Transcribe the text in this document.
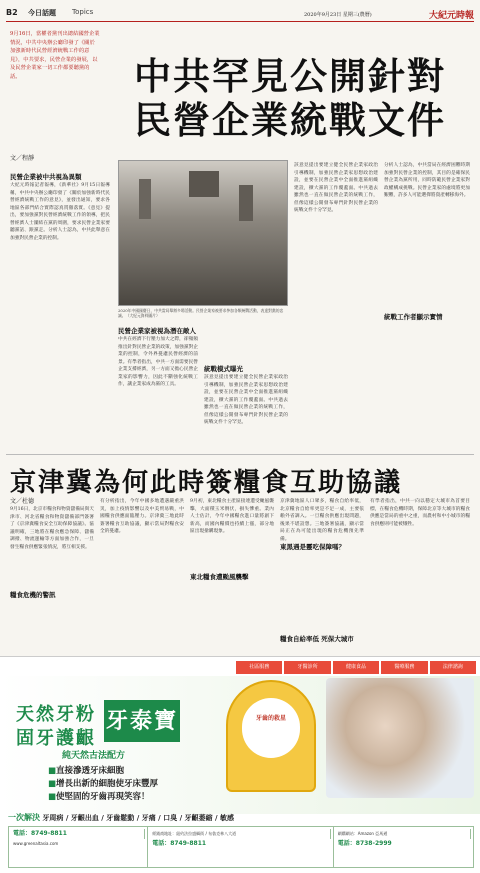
B2 今日話題 Topics	2020年9月23日 星期三(農曆)	大紀元時報
9月16日，當權者黨刊出總結國營企業情況，中共中央辦公廳印發了《關於加強新時代民營經濟統戰工作的意見》，中共要求，民營企業的發展，以及民營企業家一切工作都要聽黨的話。	中共罕見公開針對
民營企業統戰文件
文／程靜
民營企業被中共視為異類
大紀元時報記者報導，《新華社》9月15日報導稱，中共中央辦公廳印發了《關於加強新時代民營經濟統戰工作的意見》，並發出通知，要求各地區各部門結合實際認真貫徹落實。《意見》提出，要加強黨對民營經濟統戰工作的領導，把民營經濟人士團結在黨的周圍，要求民營企業家要聽黨話、跟黨走。分析人士認為，中共此舉意在加強對民營企業的控制。
2020年中國國慶日，中共當局舉辦多場活動。民營企業家被要求參加各類統戰活動，表達對黨的忠誠。（大紀元資料圖片）
民營企業家被視為潛在敵人
中共在經濟下行壓力加大之際，卻頻頻推出針對民營企業的政策，加強黨對企業的控制，令外界憂慮民營經濟的前景。有學者指出，中共一方面需要民營企業支撐經濟，另一方面又擔心民營企業家的影響力，因此不斷強化統戰工作，讓企業家成為黨的工具。
統戰模式曝光
該意見提出要建立健全民營企業家政治引導機制，加強民營企業家思想政治建設，並要在民營企業中全面推進黨組織建設，擴大黨的工作覆蓋面。中共過去雖然也一直在做民營企業的統戰工作，但像這樣公開發布專門針對民營企業的統戰文件十分罕見。
該意見提出要建立健全民營企業家政治引導機制，加強民營企業家思想政治建設，並要在民營企業中全面推進黨組織建設，擴大黨的工作覆蓋面。中共過去雖然也一直在做民營企業的統戰工作，但像這樣公開發布專門針對民營企業的統戰文件十分罕見。
統戰工作者顯示實情
分析人士認為，中共當局在經濟困難時期加強對民營企業的控制，其目的是確保民營企業為黨所用，同時防範民營企業家對政權構成挑戰。民營企業家的處境將更加艱難，許多人可能選擇將資產轉移海外。
京津冀為何此時簽糧食互助協議
文／杜德
9月16日，北京市糧食和物資儲備局與天津市、河北省糧食和物資儲備部門簽署了《京津冀糧食安全互助保障協議》。協議明確，三地將在糧食應急保障、儲備調撥、物流運輸等方面加強合作，一旦發生糧食供應緊張情況，將互相支援。
糧食危機的警訊
有分析指出，今年中國多地遭遇嚴重洪災，加上疫情影響以及中美貿易戰，中國糧食供應面臨壓力。京津冀三地此時簽署糧食互助協議，顯示當局對糧食安全的憂慮。
9月初，東北糧食主產區接連遭受颱風襲擊，大面積玉米倒伏，損失慘重。業內人士估計，今年中國糧食進口量將創下新高，而國內糧價也持續上漲，部分地區出現搶購現象。
東北糧食遭颱風襲擊
京津冀地區人口眾多，糧食自給率低，北京糧食自給率更是不足一成，主要依賴外省調入。一旦糧食供應出現問題，後果不堪設想。三地簽署協議，顯示當局正在為可能出現的糧食危機預先準備。
糧食自給率低 死保大城市
有學者指出，中共一向以穩定大城市為首要目標，在糧食危機時期，保障北京等大城市的糧食供應是當局的重中之重，而農村和中小城市的糧食供應則可能被犧牲。
東黑遇是靈吃保障嗎？
社區服務	牙醫診所	健康食品	醫療服務	法律諮詢
天然牙粉
固牙護齦
牙泰寶
純天然古法配方
■ 直接滲透牙床細胞
■ 增長出新的細胞使牙床豐厚
■ 使堅固的牙齒再現笑容！
牙齒的救星
一次解決 牙周病 / 牙齦出血 / 牙齒鬆動 / 牙痛 / 口臭 / 牙齦萎縮 / 敏感
電話：8749-8811
www.greenaltasia.com
經銷商地址：紐約法拉盛緬街 / 布魯克林八大道
電話：8749-8811
網購網站：Amazon 亞馬遜
電話：8738-2999
